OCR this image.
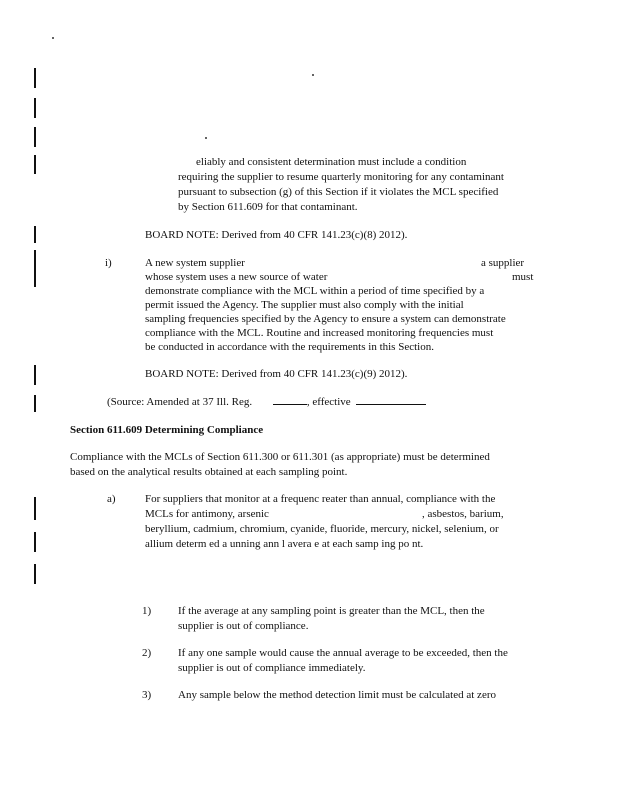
eliably and consistent determination must include a condition
requiring the supplier to resume quarterly monitoring for any contaminant
pursuant to subsection (g) of this Section if it violates the MCL specified
by Section 611.609 for that contaminant.
BOARD NOTE: Derived from 40 CFR 141.23(c)(8) 2012).
i)	A new system supplier	a supplier
whose system uses a new source of water	must
demonstrate compliance with the MCL within a period of time specified by a
permit issued the Agency. The supplier must also comply with the initial
sampling frequencies specified by the Agency to ensure a system can demonstrate
compliance with the MCL. Routine and increased monitoring frequencies must
be conducted in accordance with the requirements in this Section.
BOARD NOTE: Derived from 40 CFR 141.23(c)(9) 2012).
(Source: Amended at 37 Ill. Reg.	, effective
Section 611.609 Determining Compliance
Compliance with the MCLs of Section 611.300 or 611.301 (as appropriate) must be determined
based on the analytical results obtained at each sampling point.
a)	For suppliers that monitor at a frequenc reater than annual, compliance with the
MCLs for antimony, arsenic	, asbestos, barium,
beryllium, cadmium, chromium, cyanide, fluoride, mercury, nickel, selenium, or
allium determ ed a unning ann l avera e at each samp ing po nt.
1) If the average at any sampling point is greater than the MCL, then the
supplier is out of compliance.
2) If any one sample would cause the annual average to be exceeded, then the
supplier is out of compliance immediately.
3) Any sample below the method detection limit must be calculated at zero
